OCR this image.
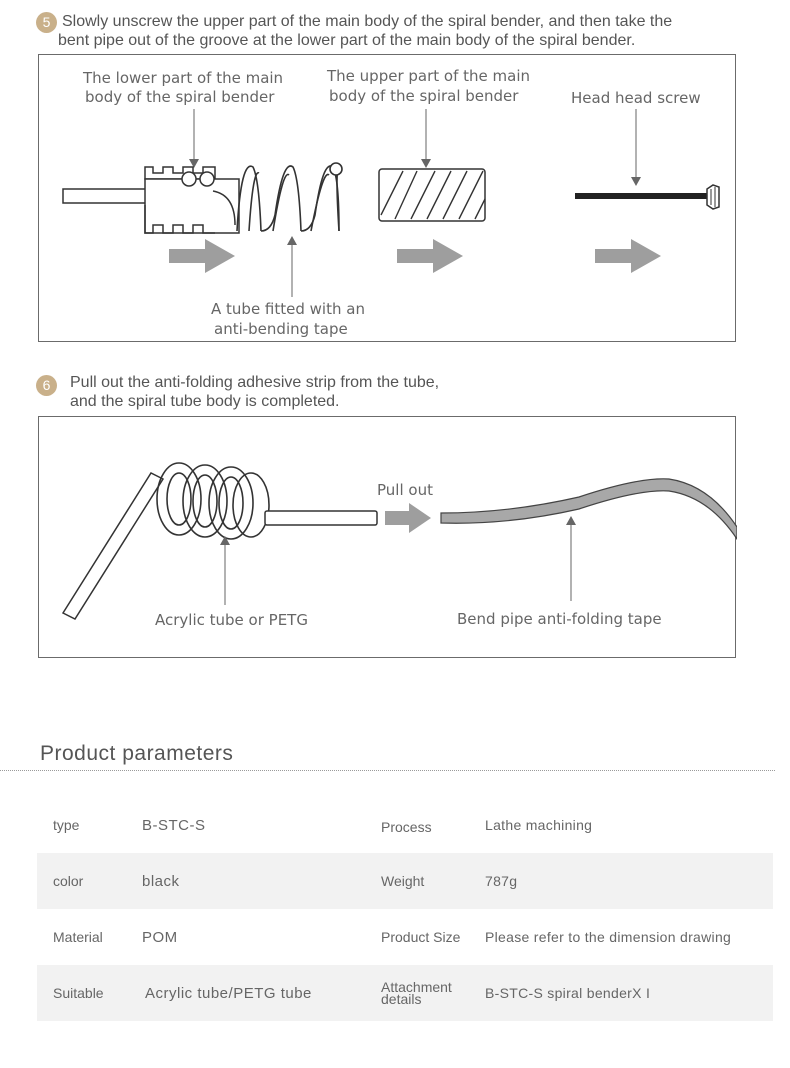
5 Slowly unscrew the upper part of the main body of the spiral bender, and then take the
bent pipe out of the groove at the lower part of the main body of the spiral bender.
The lower part of the main
body of the spiral bender
The upper part of the main
body of the spiral bender	Head head screw
A tube fitted with an
anti-bending tape
6	Pull out the anti-folding adhesive strip from the tube,
and the spiral tube body is completed.
Pull out
Acrylic tube or PETG	Bend pipe anti-folding tape
Product parameters
type	B-STC-S	Process	Lathe machining
color	black	Weight	787g
Material	POM	Product Size	Please refer to the dimension drawing
Suitable	Acrylic tube/PETG tube	Attachment
details	B-STC-S spiral benderX I
